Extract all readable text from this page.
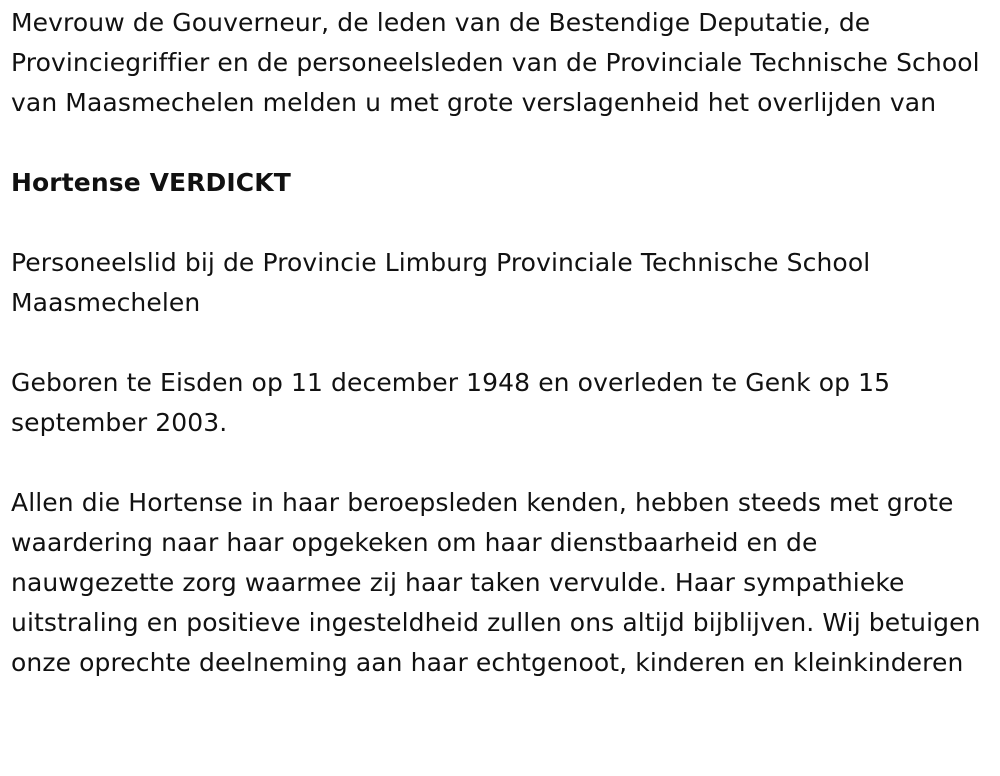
Mevrouw de Gouverneur, de leden van de Bestendige Deputatie, de Provinciegriffier en de personeelsleden van de Provinciale Technische School van Maasmechelen melden u met grote verslagenheid het overlijden van

Hortense VERDICKT

Personeelslid bij de Provincie Limburg Provinciale Technische School Maasmechelen

Geboren te Eisden op 11 december 1948 en overleden te Genk op 15 september 2003.

Allen die Hortense in haar beroepsleden kenden, hebben steeds met grote waardering naar haar opgekeken om haar dienstbaarheid en de nauwgezette zorg waarmee zij haar taken vervulde. Haar sympathieke uitstraling en positieve ingesteldheid zullen ons altijd bijblijven. Wij betuigen onze oprechte deelneming aan haar echtgenoot, kinderen en kleinkinderen
